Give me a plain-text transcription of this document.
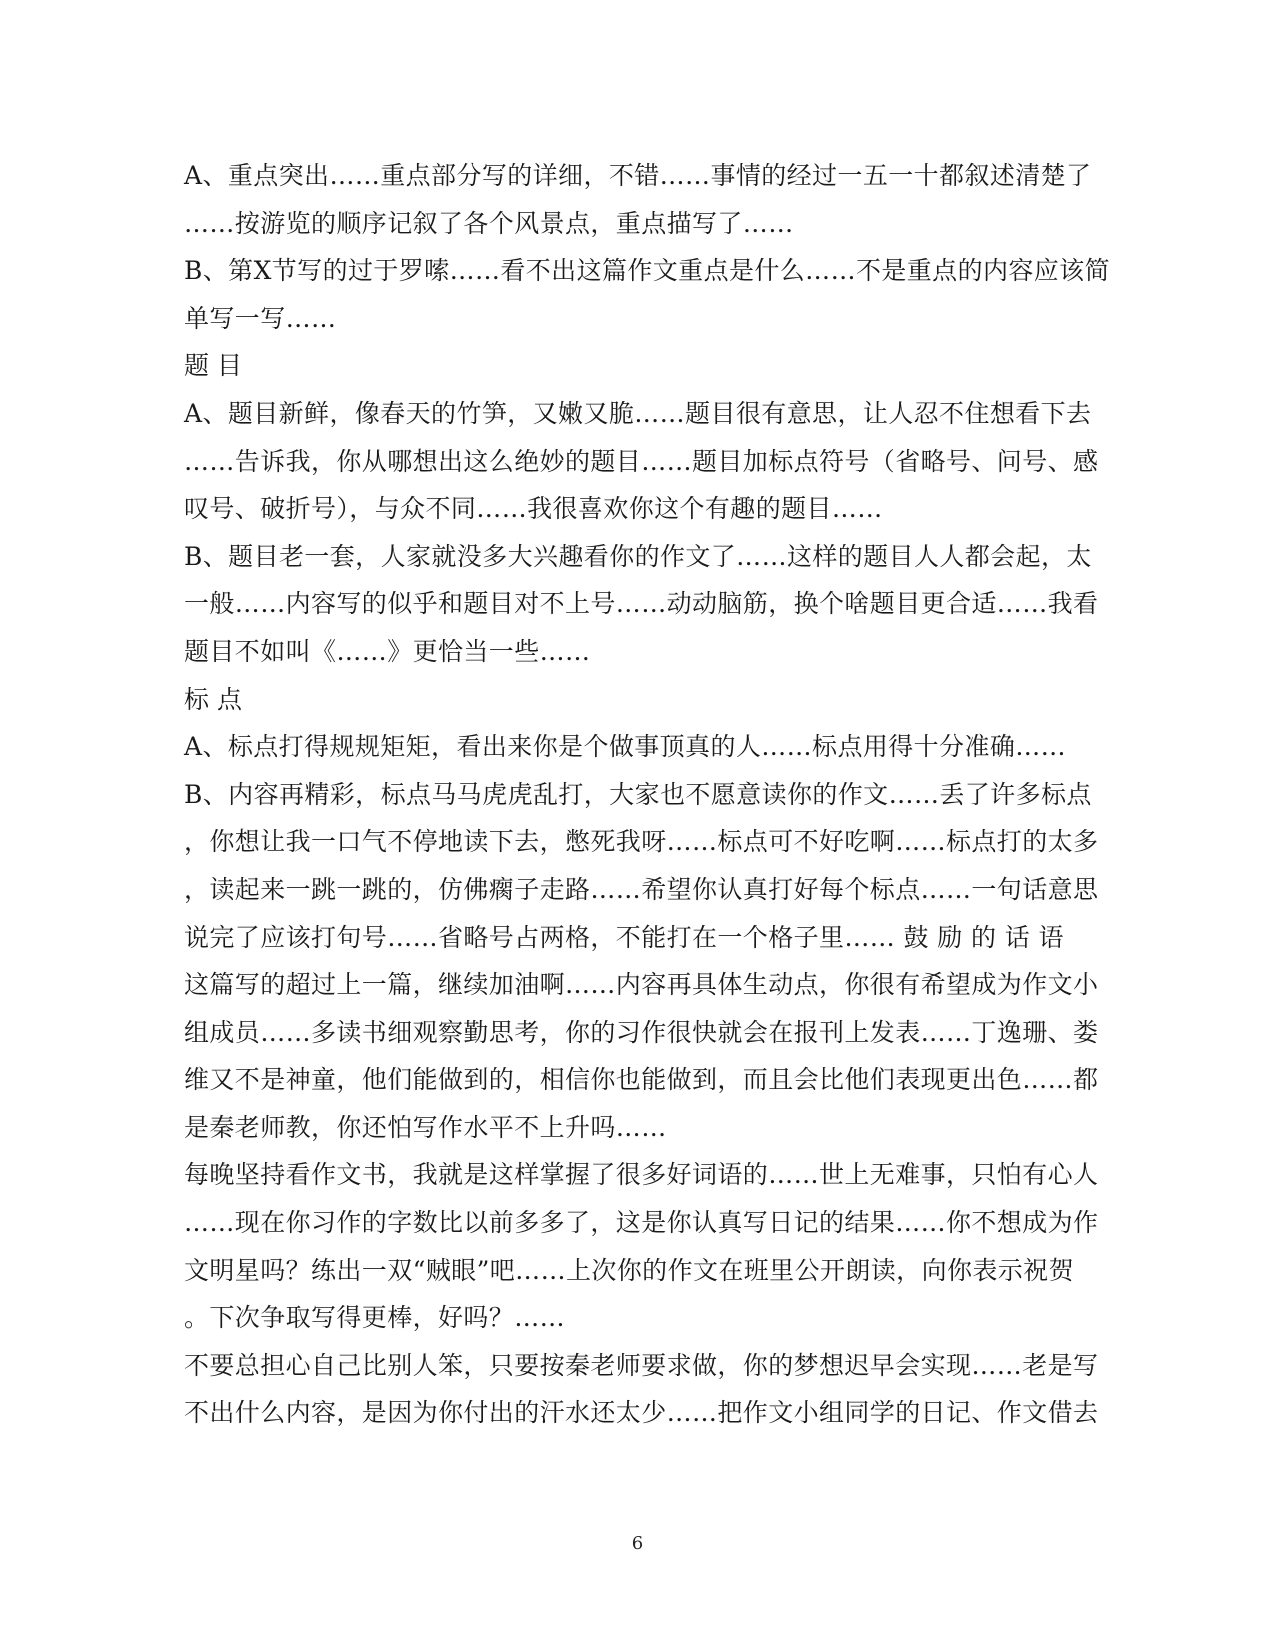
A、重点突出……重点部分写的详细，不错……事情的经过一五一十都叙述清楚了
……按游览的顺序记叙了各个风景点，重点描写了……
B、第X节写的过于罗嗦……看不出这篇作文重点是什么……不是重点的内容应该简
单写一写……
题 目
A、题目新鲜，像春天的竹笋，又嫩又脆……题目很有意思，让人忍不住想看下去
……告诉我，你从哪想出这么绝妙的题目……题目加标点符号（省略号、问号、感
叹号、破折号），与众不同……我很喜欢你这个有趣的题目……
B、题目老一套，人家就没多大兴趣看你的作文了……这样的题目人人都会起，太
一般……内容写的似乎和题目对不上号……动动脑筋，换个啥题目更合适……我看
题目不如叫《……》更恰当一些……
标 点
A、标点打得规规矩矩，看出来你是个做事顶真的人……标点用得十分准确……
B、内容再精彩，标点马马虎虎乱打，大家也不愿意读你的作文……丢了许多标点
，你想让我一口气不停地读下去，憋死我呀……标点可不好吃啊……标点打的太多
，读起来一跳一跳的，仿佛瘸子走路……希望你认真打好每个标点……一句话意思
说完了应该打句号……省略号占两格，不能打在一个格子里…… 鼓 励 的 话 语
这篇写的超过上一篇，继续加油啊……内容再具体生动点，你很有希望成为作文小
组成员……多读书细观察勤思考，你的习作很快就会在报刊上发表……丁逸珊、娄
维又不是神童，他们能做到的，相信你也能做到，而且会比他们表现更出色……都
是秦老师教，你还怕写作水平不上升吗……
每晚坚持看作文书，我就是这样掌握了很多好词语的……世上无难事，只怕有心人
……现在你习作的字数比以前多多了，这是你认真写日记的结果……你不想成为作
文明星吗？练出一双“贼眼”吧……上次你的作文在班里公开朗读，向你表示祝贺
。下次争取写得更棒，好吗？……
不要总担心自己比别人笨，只要按秦老师要求做，你的梦想迟早会实现……老是写
不出什么内容，是因为你付出的汗水还太少……把作文小组同学的日记、作文借去
6
